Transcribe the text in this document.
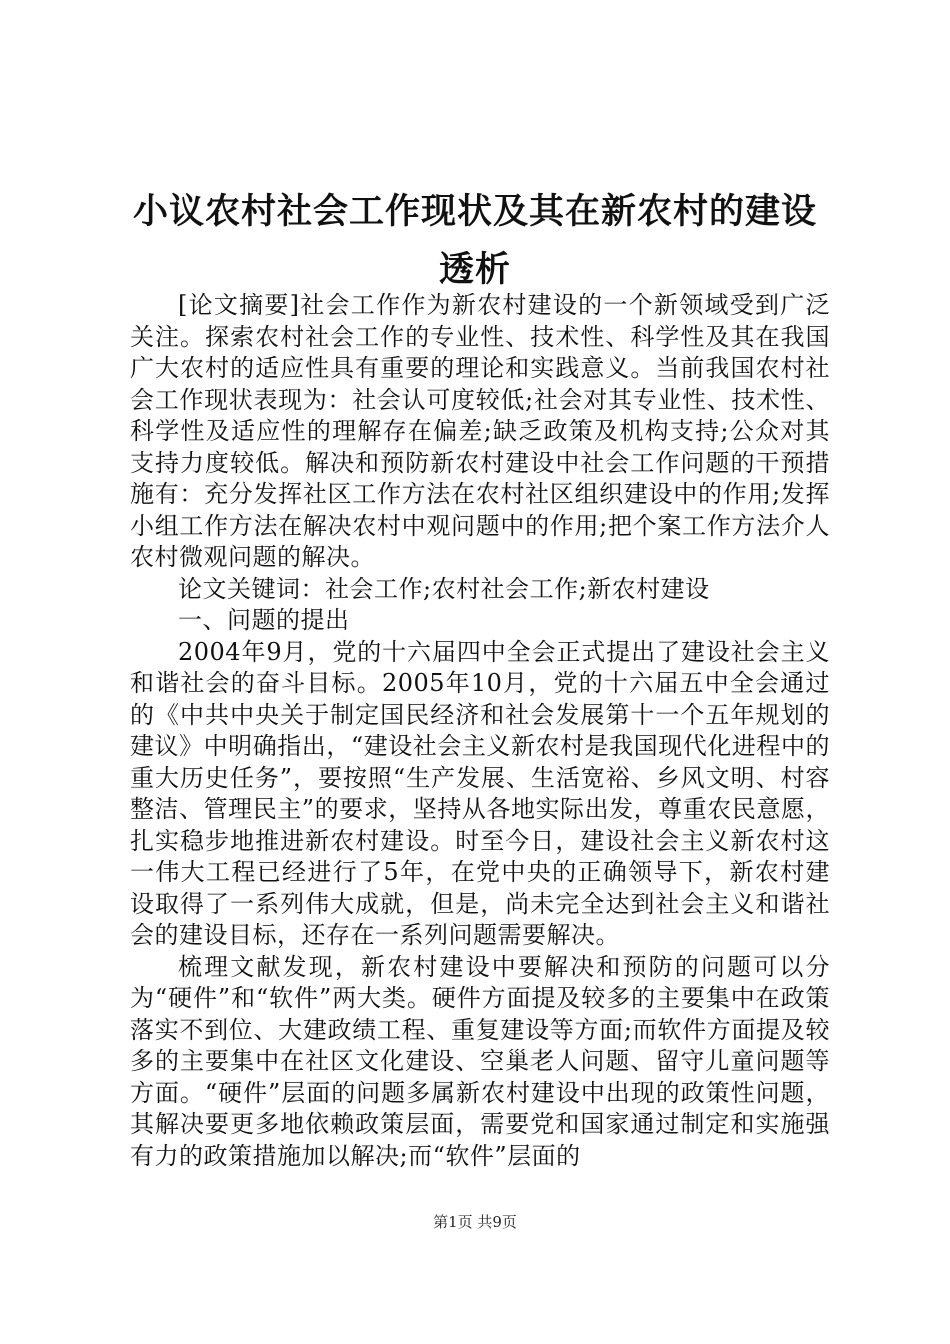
小议农村社会工作现状及其在新农村的建设透析

[论文摘要]社会工作作为新农村建设的一个新领域受到广泛关注。探索农村社会工作的专业性、技术性、科学性及其在我国广大农村的适应性具有重要的理论和实践意义。当前我国农村社会工作现状表现为：社会认可度较低;社会对其专业性、技术性、科学性及适应性的理解存在偏差;缺乏政策及机构支持;公众对其支持力度较低。解决和预防新农村建设中社会工作问题的干预措施有：充分发挥社区工作方法在农村社区组织建设中的作用;发挥小组工作方法在解决农村中观问题中的作用;把个案工作方法介人农村微观问题的解决。

论文关键词：社会工作;农村社会工作;新农村建设

一、问题的提出

2004年9月，党的十六届四中全会正式提出了建设社会主义和谐社会的奋斗目标。2005年10月，党的十六届五中全会通过的《中共中央关于制定国民经济和社会发展第十一个五年规划的建议》中明确指出，“建设社会主义新农村是我国现代化进程中的重大历史任务”，要按照“生产发展、生活宽裕、乡风文明、村容整洁、管理民主”的要求，坚持从各地实际出发，尊重农民意愿，扎实稳步地推进新农村建设。时至今日，建设社会主义新农村这一伟大工程已经进行了5年，在党中央的正确领导下，新农村建设取得了一系列伟大成就，但是，尚未完全达到社会主义和谐社会的建设目标，还存在一系列问题需要解决。

梳理文献发现，新农村建设中要解决和预防的问题可以分为“硬件”和“软件”两大类。硬件方面提及较多的主要集中在政策落实不到位、大建政绩工程、重复建设等方面;而软件方面提及较多的主要集中在社区文化建设、空巢老人问题、留守儿童问题等方面。“硬件”层面的问题多属新农村建设中出现的政策性问题，其解决要更多地依赖政策层面，需要党和国家通过制定和实施强有力的政策措施加以解决;而“软件”层面的

第1页 共9页
